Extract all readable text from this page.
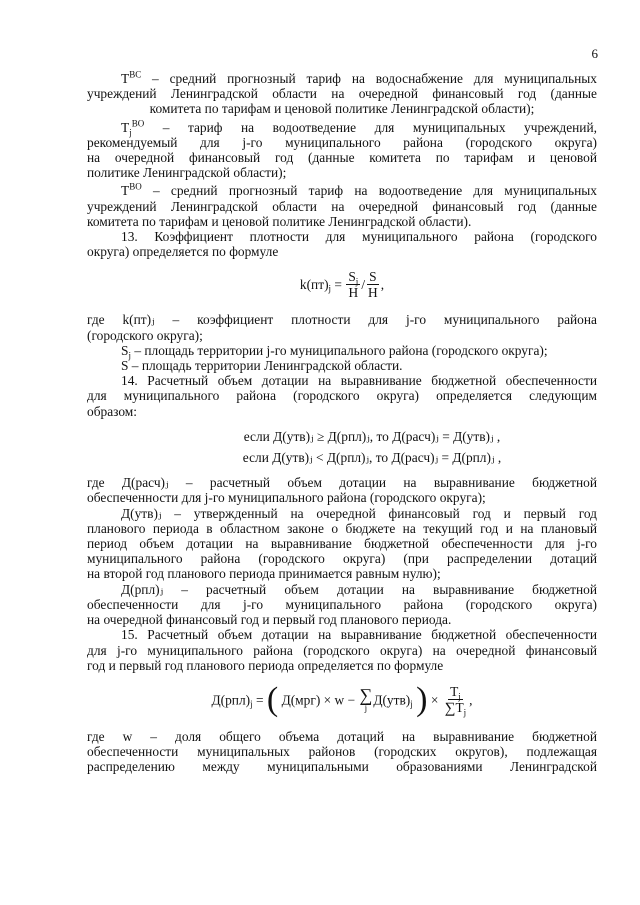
6

$T^{ВС}$ – средний прогнозный тариф на водоснабжение для муниципальных

учреждений Ленинградской области на очередной финансовый год (данные

комитета по тарифам и ценовой политике Ленинградской области);

$T_j^{ВО}$ – тариф на водоотведение для муниципальных учреждений,

рекомендуемый для j-го муниципального района (городского округа)

на очередной финансовый год (данные комитета по тарифам и ценовой

политике Ленинградской области);

$T^{ВО}$ – средний прогнозный тариф на водоотведение для муниципальных

учреждений Ленинградской области на очередной финансовый год (данные

комитета по тарифам и ценовой политике Ленинградской области).

13. Коэффициент плотности для муниципального района (городского

округа) определяется по формуле

$k(пт)_j = \frac{S_j}{H} / \frac{S}{H}$ ,

где k(пт)ⱼ – коэффициент плотности для j-го муниципального района

(городского округа);

$S_j$ – площадь территории j-го муниципального района (городского округа);

S – площадь территории Ленинградской области.

14. Расчетный объем дотации на выравнивание бюджетной обеспеченности

для муниципального района (городского округа) определяется следующим

образом:

если Д(утв)ⱼ ≥ Д(рпл)ⱼ, то Д(расч)ⱼ = Д(утв)ⱼ ,

если Д(утв)ⱼ < Д(рпл)ⱼ, то Д(расч)ⱼ = Д(рпл)ⱼ ,

где Д(расч)ⱼ – расчетный объем дотации на выравнивание бюджетной

обеспеченности для j-го муниципального района (городского округа);

Д(утв)ⱼ – утвержденный на очередной финансовый год и первый год

планового периода в областном законе о бюджете на текущий год и на плановый

период объем дотации на выравнивание бюджетной обеспеченности для j-го

муниципального района (городского округа) (при распределении дотаций

на второй год планового периода принимается равным нулю);

Д(рпл)ⱼ – расчетный объем дотации на выравнивание бюджетной

обеспеченности для j-го муниципального района (городского округа)

на очередной финансовый год и первый год планового периода.

15. Расчетный объем дотации на выравнивание бюджетной обеспеченности

для j-го муниципального района (городского округа) на очередной финансовый

год и первый год планового периода определяется по формуле

$Д(рпл)_j$ = ( Д(мрг) × w − ∑
j
$Д(утв)_j$ ) × $\frac{T_j}{\sum T_j}$ ,

где w – доля общего объема дотаций на выравнивание бюджетной

обеспеченности муниципальных районов (городских округов), подлежащая

распределению между муниципальными образованиями Ленинградской
